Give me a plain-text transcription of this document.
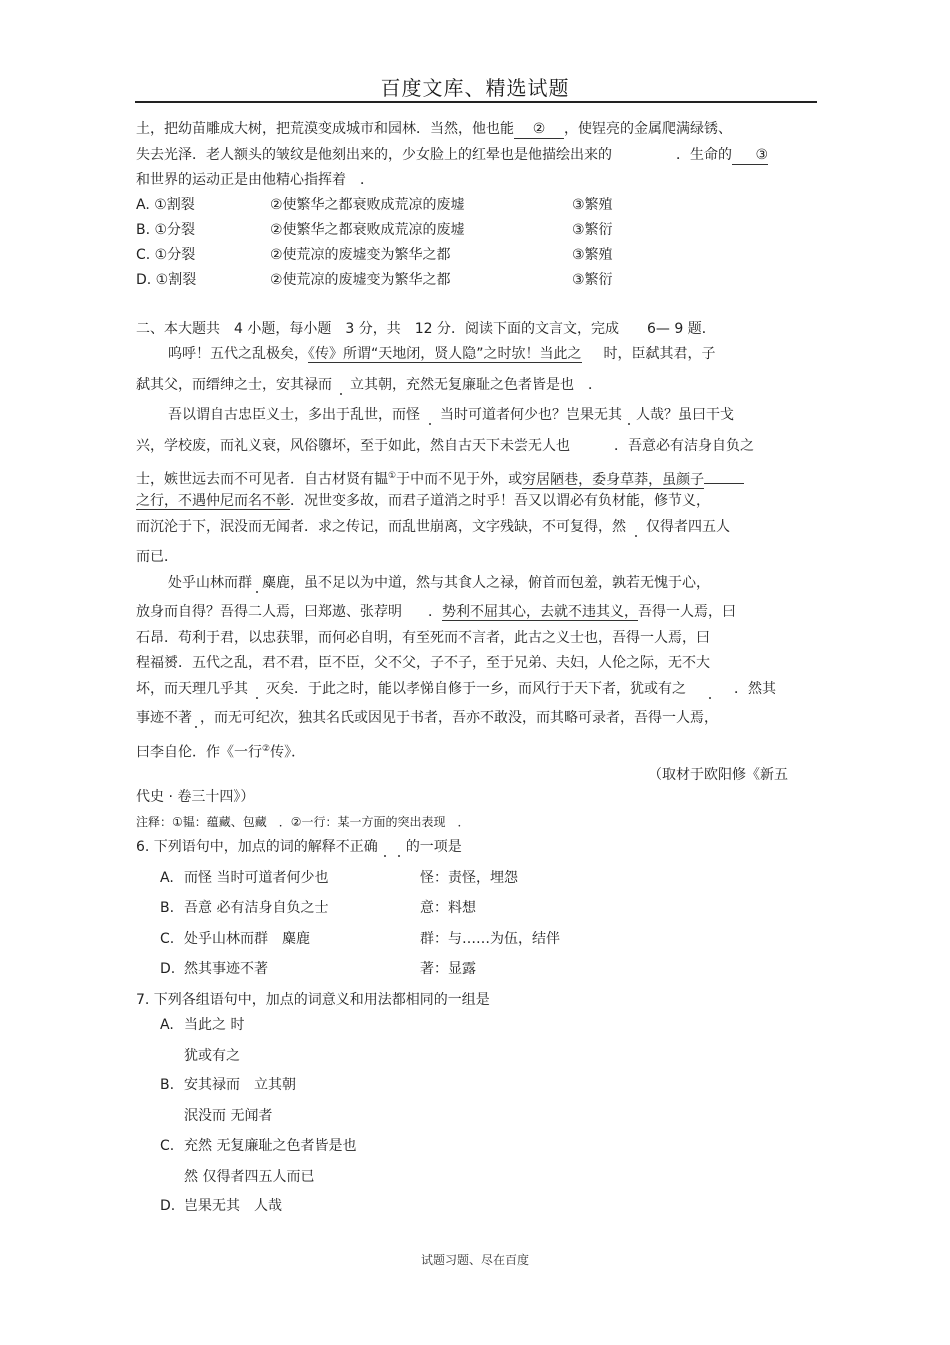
百度文库、精选试题
土，把幼苗雕成大树，把荒漠变成城市和园林．当然，他也能 ② ，使锃亮的金属爬满绿锈、
失去光泽．老人额头的皱纹是他刻出来的，少女脸上的红晕也是他描绘出来的	．生命的 ③
和世界的运动正是由他精心指挥着　．
A. ①割裂	②使繁华之都衰败成荒凉的废墟	③繁殖
B. ①分裂	②使繁华之都衰败成荒凉的废墟	③繁衍
C. ①分裂	②使荒凉的废墟变为繁华之都	③繁殖
D. ①割裂	②使荒凉的废墟变为繁华之都	③繁衍
二、本大题共　4 小题，每小题　3 分，共　12 分．阅读下面的文言文，完成　　6— 9 题．
呜呼！五代之乱极矣，《传》所谓“天地闭，贤人隐”之时欤！当此之 时，臣弑其君，子
弑其父，而缙绅之士，安其禄而 立其朝，充然无复廉耻之色者皆是也　．
吾以谓自古忠臣义士，多出于乱世，而怪 当时可道者何少也？岂果无其 人哉？虽曰干戈
兴，学校废，而礼义衰，风俗隳坏，至于如此，然自古天下未尝无人也	．吾意必有洁身自负之
士，嫉世远去而不可见者．自古材贤有韫①于中而不见于外，或穷居陋巷，委身草莽，虽颜子
之行，不遇仲尼而名不彰．况世变多故，而君子道消之时乎！吾又以谓必有负材能，修节义，
而沉沦于下，泯没而无闻者．求之传记，而乱世崩离，文字残缺，不可复得，然 仅得者四五人
而已．
处乎山林而群 麋鹿，虽不足以为中道，然与其食人之禄，俯首而包羞，孰若无愧于心，
放身而自得？吾得二人焉，曰郑遨、张荐明 ．势利不屈其心，去就不违其义，吾得一人焉，曰
石昂．苟利于君，以忠获罪，而何必自明，有至死而不言者，此古之义士也，吾得一人焉，曰
程福赟．五代之乱，君不君，臣不臣，父不父，子不子，至于兄弟、夫妇，人伦之际，无不大
坏，而天理几乎其 灭矣．于此之时，能以孝悌自修于一乡，而风行于天下者，犹或有之	．然其
事迹不著 ，而无可纪次，独其名氏或因见于书者，吾亦不敢没，而其略可录者，吾得一人焉，
曰李自伦．作《一行②传》．
（取材于欧阳修《新五
代史 · 卷三十四》）
注释：①韫：蕴藏、包藏　．②一行：某一方面的突出表现　．
6. 下列语句中，加点的词的解释不正确 的一项是
A. 而怪 当时可道者何少也	怪：责怪，埋怨
B. 吾意 必有洁身自负之士	意：料想
C. 处乎山林而群　麋鹿	群：与……为伍，结伴
D. 然其事迹不著	著：显露
7. 下列各组语句中，加点的词意义和用法都相同的一组是
A. 当此之 时
犹或有之
B. 安其禄而　立其朝
泯没而 无闻者
C. 充然 无复廉耻之色者皆是也
然 仅得者四五人而已
D. 岂果无其　人哉
试题习题、尽在百度
